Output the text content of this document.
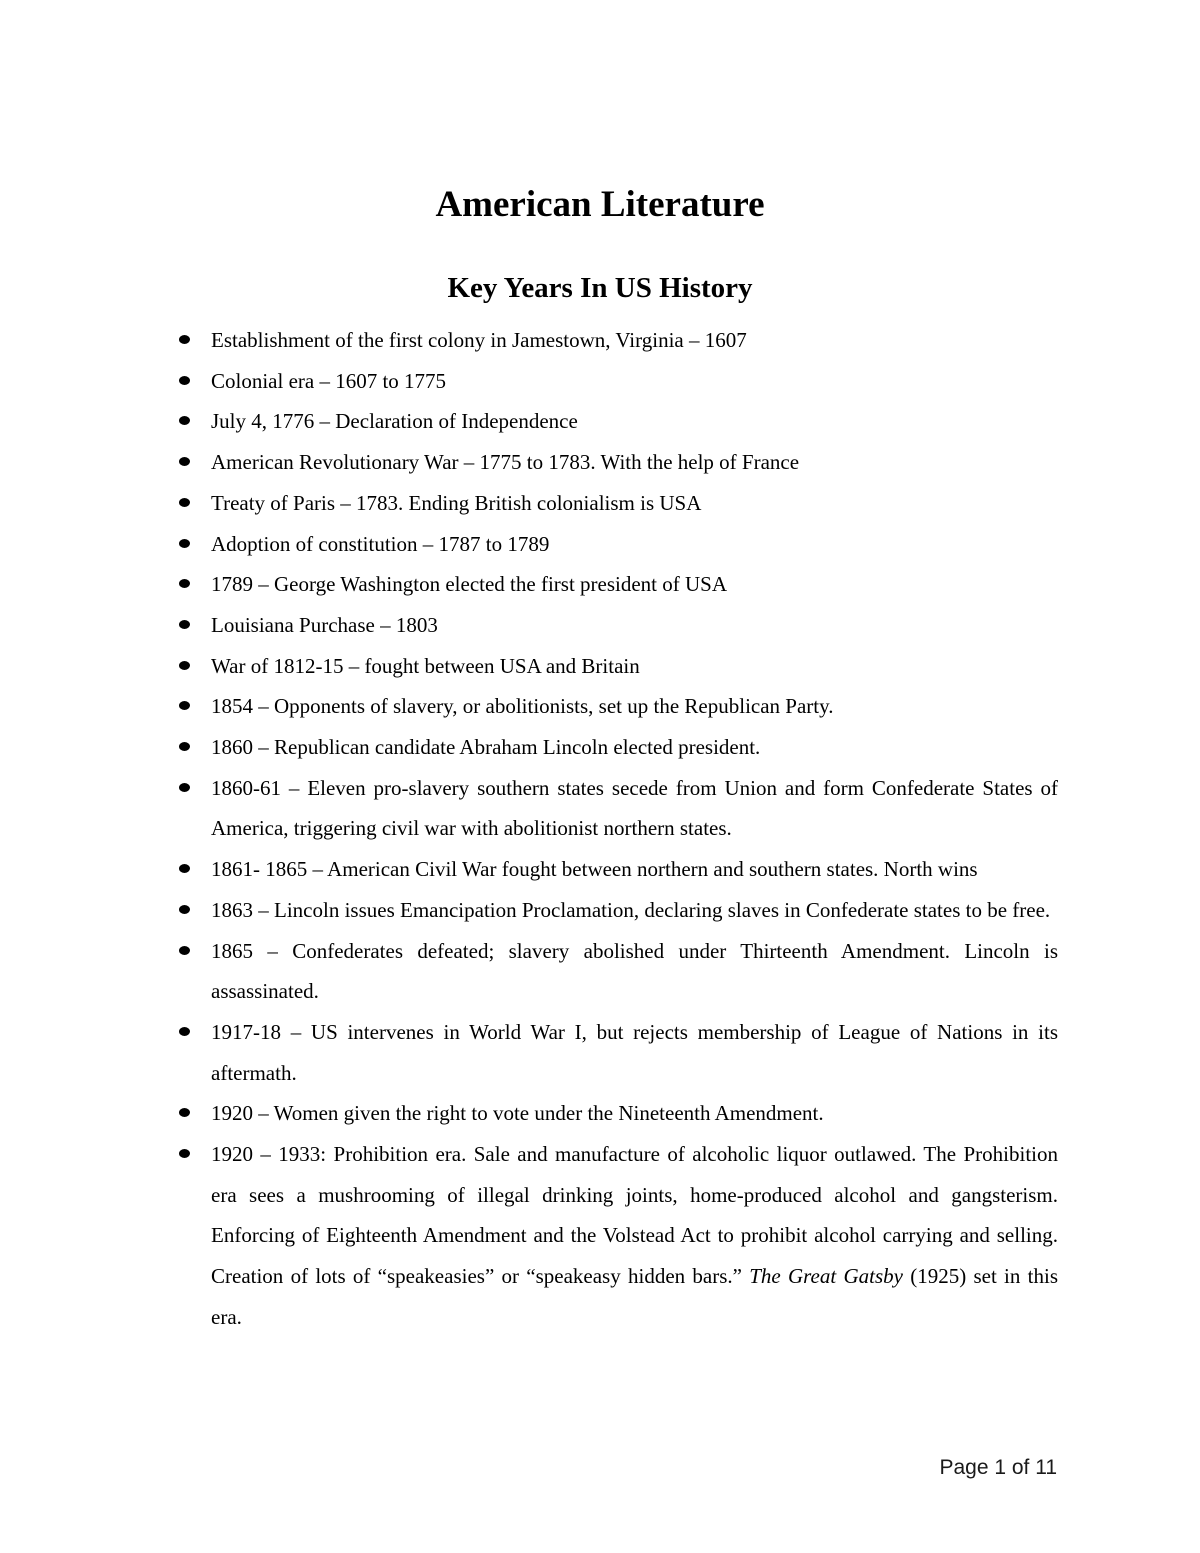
American Literature
Key Years In US History
Establishment of the first colony in Jamestown, Virginia – 1607
Colonial era – 1607 to 1775
July 4, 1776 – Declaration of Independence
American Revolutionary War – 1775 to 1783. With the help of France
Treaty of Paris – 1783. Ending British colonialism is USA
Adoption of constitution – 1787 to 1789
1789 – George Washington elected the first president of USA
Louisiana Purchase – 1803
War of 1812-15 – fought between USA and Britain
1854 – Opponents of slavery, or abolitionists, set up the Republican Party.
1860 – Republican candidate Abraham Lincoln elected president.
1860-61 – Eleven pro-slavery southern states secede from Union and form Confederate States of America, triggering civil war with abolitionist northern states.
1861- 1865 – American Civil War fought between northern and southern states. North wins
1863 – Lincoln issues Emancipation Proclamation, declaring slaves in Confederate states to be free.
1865 – Confederates defeated; slavery abolished under Thirteenth Amendment. Lincoln is assassinated.
1917-18 – US intervenes in World War I, but rejects membership of League of Nations in its aftermath.
1920 – Women given the right to vote under the Nineteenth Amendment.
1920 – 1933: Prohibition era. Sale and manufacture of alcoholic liquor outlawed. The Prohibition era sees a mushrooming of illegal drinking joints, home-produced alcohol and gangsterism. Enforcing of Eighteenth Amendment and the Volstead Act to prohibit alcohol carrying and selling. Creation of lots of “speakeasies” or “speakeasy hidden bars.” The Great Gatsby (1925) set in this era.
Page 1 of 11
